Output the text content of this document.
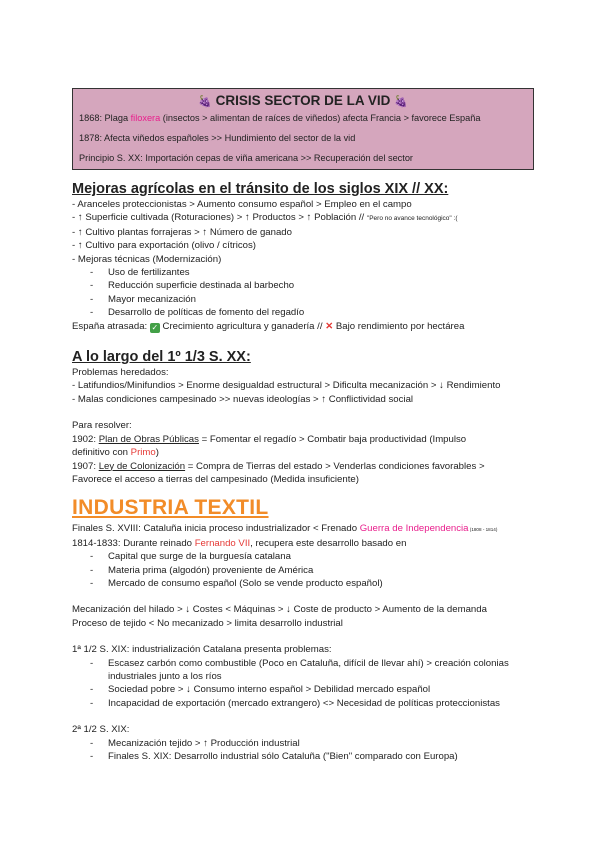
🍇 CRISIS SECTOR DE LA VID 🍇

1868: Plaga filoxera (insectos > alimentan de raíces de viñedos) afecta Francia > favorece España

1878: Afecta viñedos españoles >> Hundimiento del sector de la vid

Principio S. XX: Importación cepas de viña americana >> Recuperación del sector

Mejoras agrícolas en el tránsito de los siglos XIX // XX:
- Aranceles proteccionistas > Aumento consumo español > Empleo en el campo
- ↑ Superficie cultivada (Roturaciones) > ↑ Productos > ↑ Población // "Pero no avance tecnológico" :(
- ↑ Cultivo plantas forrajeras > ↑ Número de ganado
- ↑ Cultivo para exportación (olivo / cítricos)
- Mejoras técnicas (Modernización)
- Uso de fertilizantes
- Reducción superficie destinada al barbecho
- Mayor mecanización
- Desarrollo de políticas de fomento del regadío
España atrasada: ✓ Crecimiento agricultura y ganadería // ✕ Bajo rendimiento por hectárea
A lo largo del 1º 1/3 S. XX:
Problemas heredados:
- Latifundios/Minifundios > Enorme desigualdad estructural > Dificulta mecanización > ↓ Rendimiento
- Malas condiciones campesinado >> nuevas ideologías > ↑ Conflictividad social
Para resolver:
1902: Plan de Obras Públicas = Fomentar el regadío > Combatir baja productividad (Impulso
definitivo con Primo)
1907: Ley de Colonización = Compra de Tierras del estado > Venderlas condiciones favorables >
Favorece el acceso a tierras del campesinado (Medida insuficiente)
INDUSTRIA TEXTIL
Finales S. XVIII: Cataluña inicia proceso industrializador < Frenado Guerra de Independencia (1808 - 1814)
1814-1833: Durante reinado Fernando VII, recupera este desarrollo basado en
- Capital que surge de la burguesía catalana
- Materia prima (algodón) proveniente de América
- Mercado de consumo español (Solo se vende producto español)
Mecanización del hilado > ↓ Costes < Máquinas > ↓ Coste de producto > Aumento de la demanda
Proceso de tejido < No mecanizado > limita desarrollo industrial
1ª 1/2 S. XIX: industrialización Catalana presenta problemas:
- Escasez carbón como combustible (Poco en Cataluña, difícil de llevar ahí) > creación colonias industriales junto a los ríos
- Sociedad pobre > ↓ Consumo interno español > Debilidad mercado español
- Incapacidad de exportación (mercado extrangero) <> Necesidad de políticas proteccionistas
2ª 1/2 S. XIX:
- Mecanización tejido > ↑ Producción industrial
- Finales S. XIX: Desarrollo industrial sólo Cataluña ("Bien" comparado con Europa)
